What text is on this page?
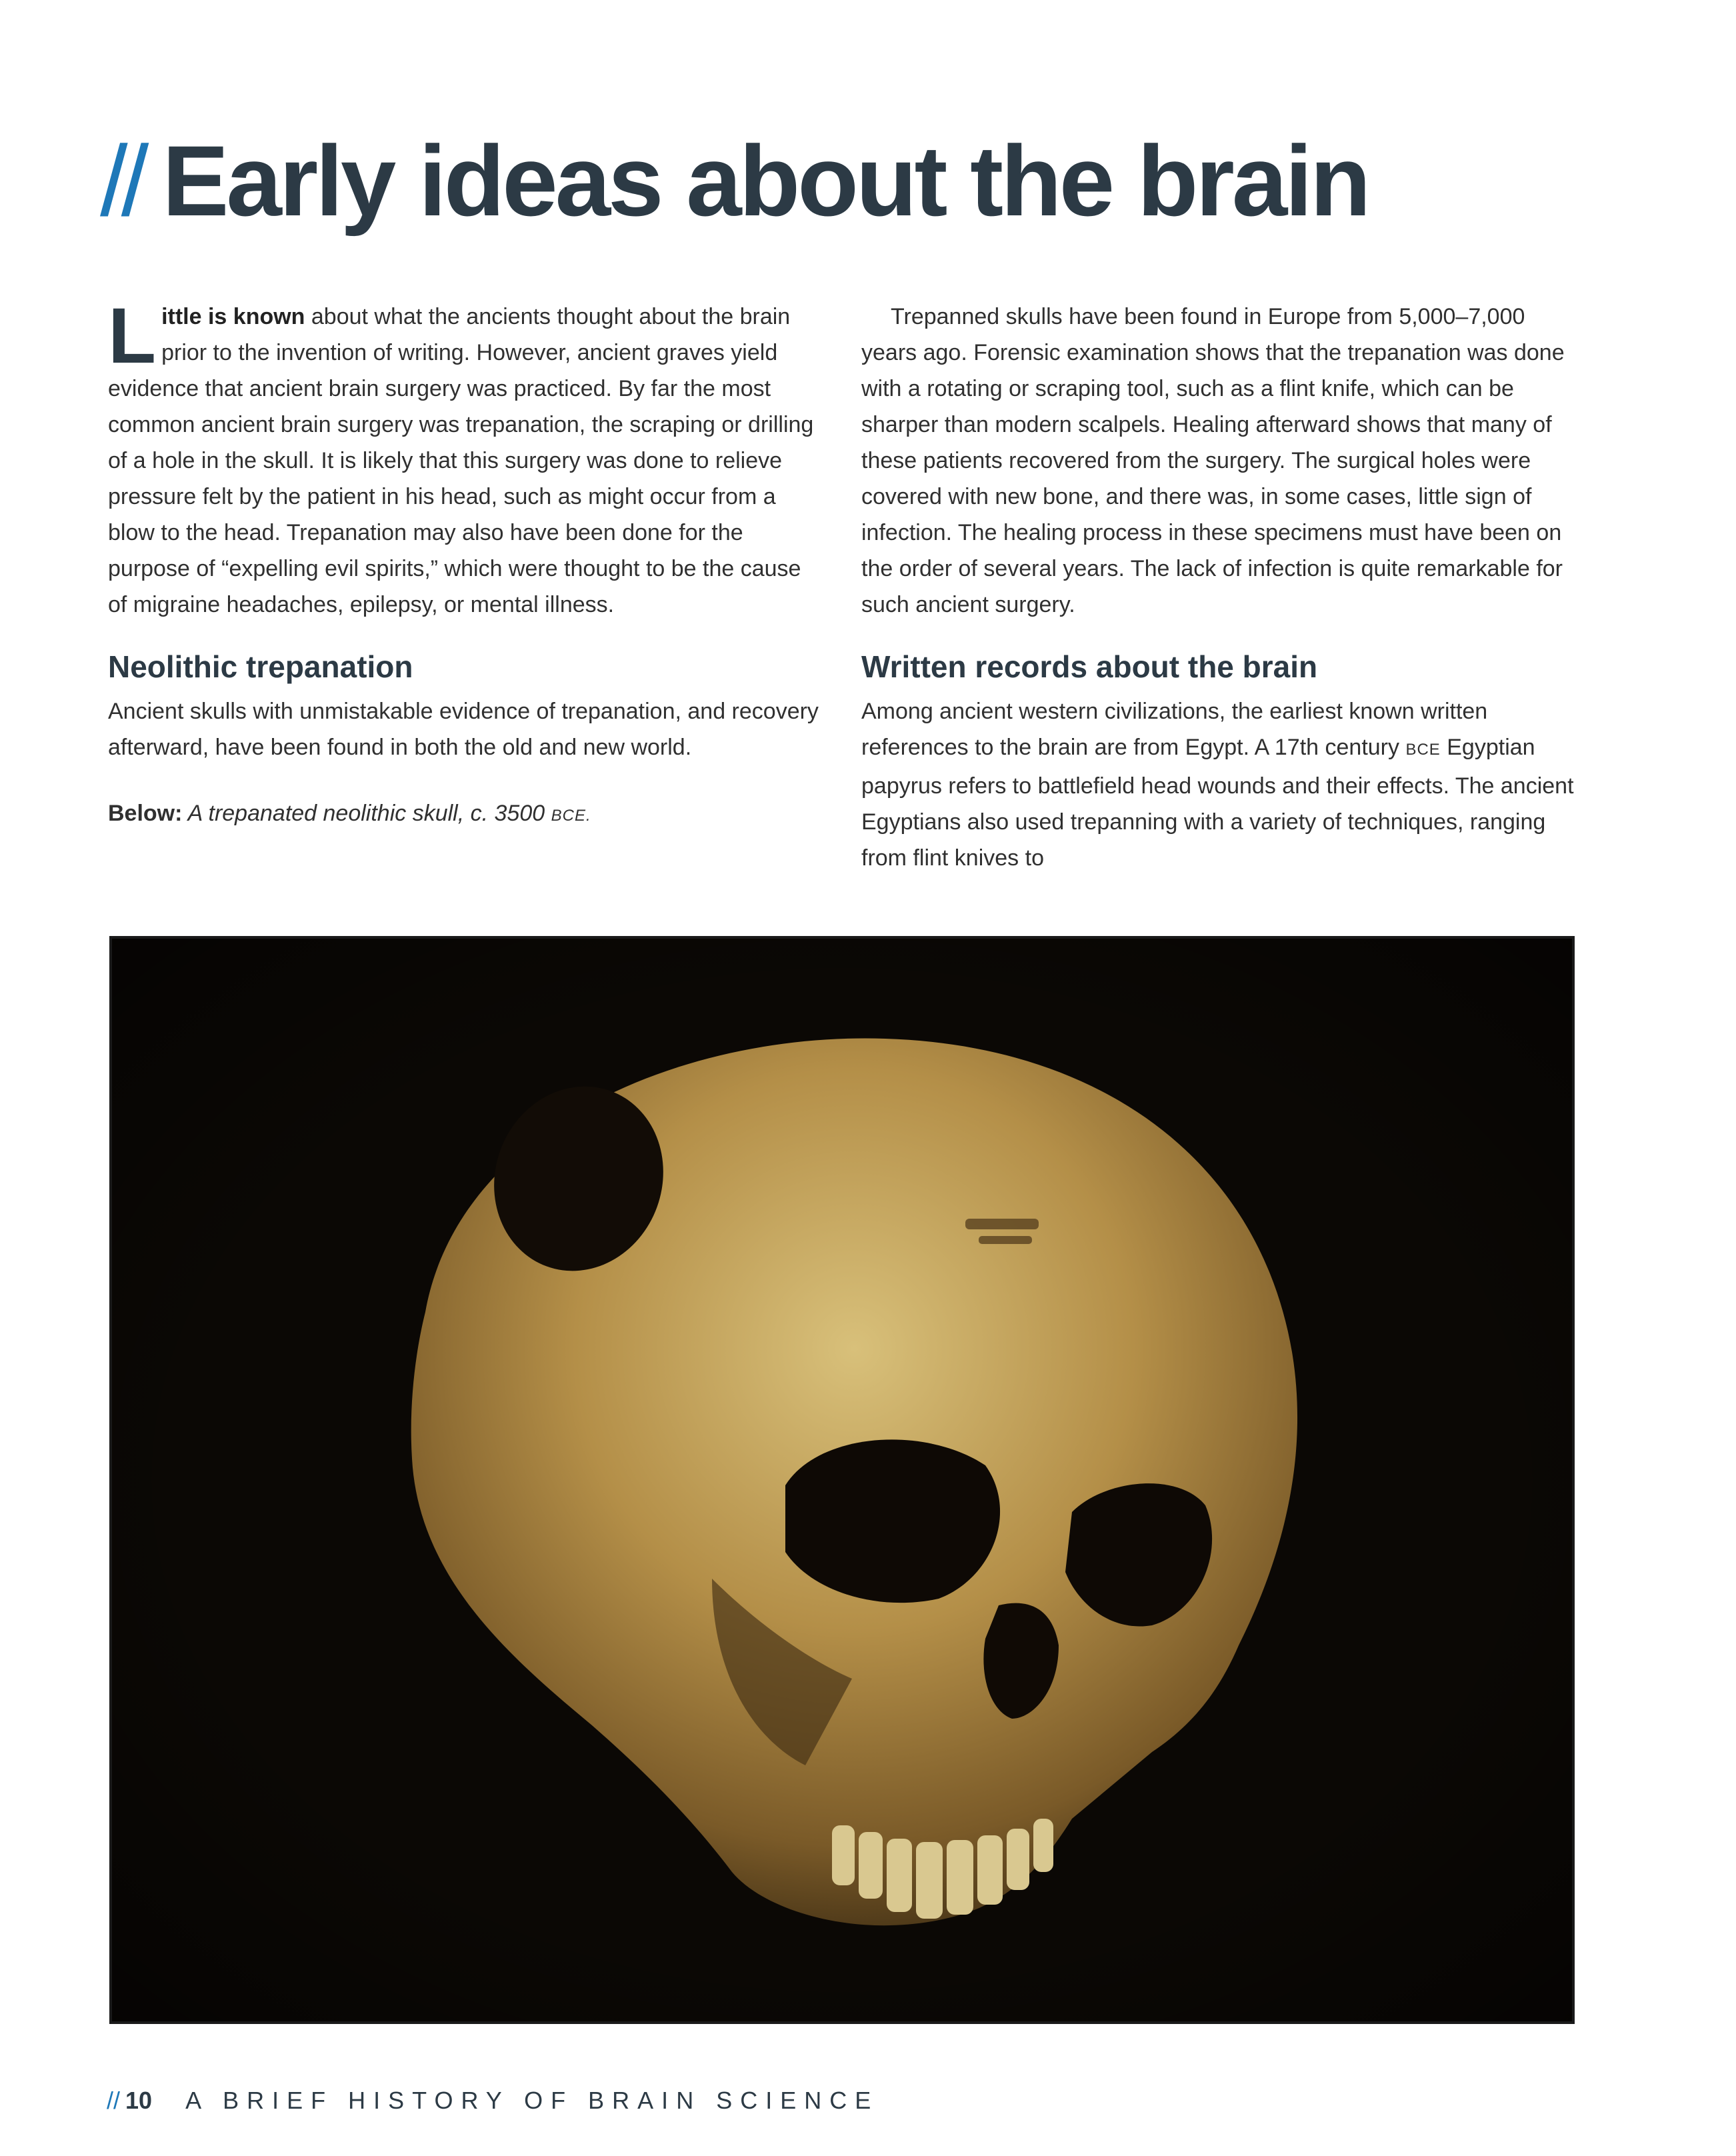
// Early ideas about the brain

Little is known about what the ancients thought about the brain prior to the invention of writing. However, ancient graves yield evidence that ancient brain surgery was practiced. By far the most common ancient brain surgery was trepanation, the scraping or drilling of a hole in the skull. It is likely that this surgery was done to relieve pressure felt by the patient in his head, such as might occur from a blow to the head. Trepanation may also have been done for the purpose of “expelling evil spirits,” which were thought to be the cause of migraine headaches, epilepsy, or mental illness.

Neolithic trepanation

Ancient skulls with unmistakable evidence of trepanation, and recovery afterward, have been found in both the old and new world.

Below: A trepanated neolithic skull, c. 3500 BCE.

Trepanned skulls have been found in Europe from 5,000–7,000 years ago. Forensic examination shows that the trepanation was done with a rotating or scraping tool, such as a flint knife, which can be sharper than modern scalpels. Healing afterward shows that many of these patients recovered from the surgery. The surgical holes were covered with new bone, and there was, in some cases, little sign of infection. The healing process in these specimens must have been on the order of several years. The lack of infection is quite remarkable for such ancient surgery.

Written records about the brain

Among ancient western civilizations, the earliest known written references to the brain are from Egypt. A 17th century BCE Egyptian papyrus refers to battlefield head wounds and their effects. The ancient Egyptians also used trepanning with a variety of techniques, ranging from flint knives to

// 10 A BRIEF HISTORY OF BRAIN SCIENCE
